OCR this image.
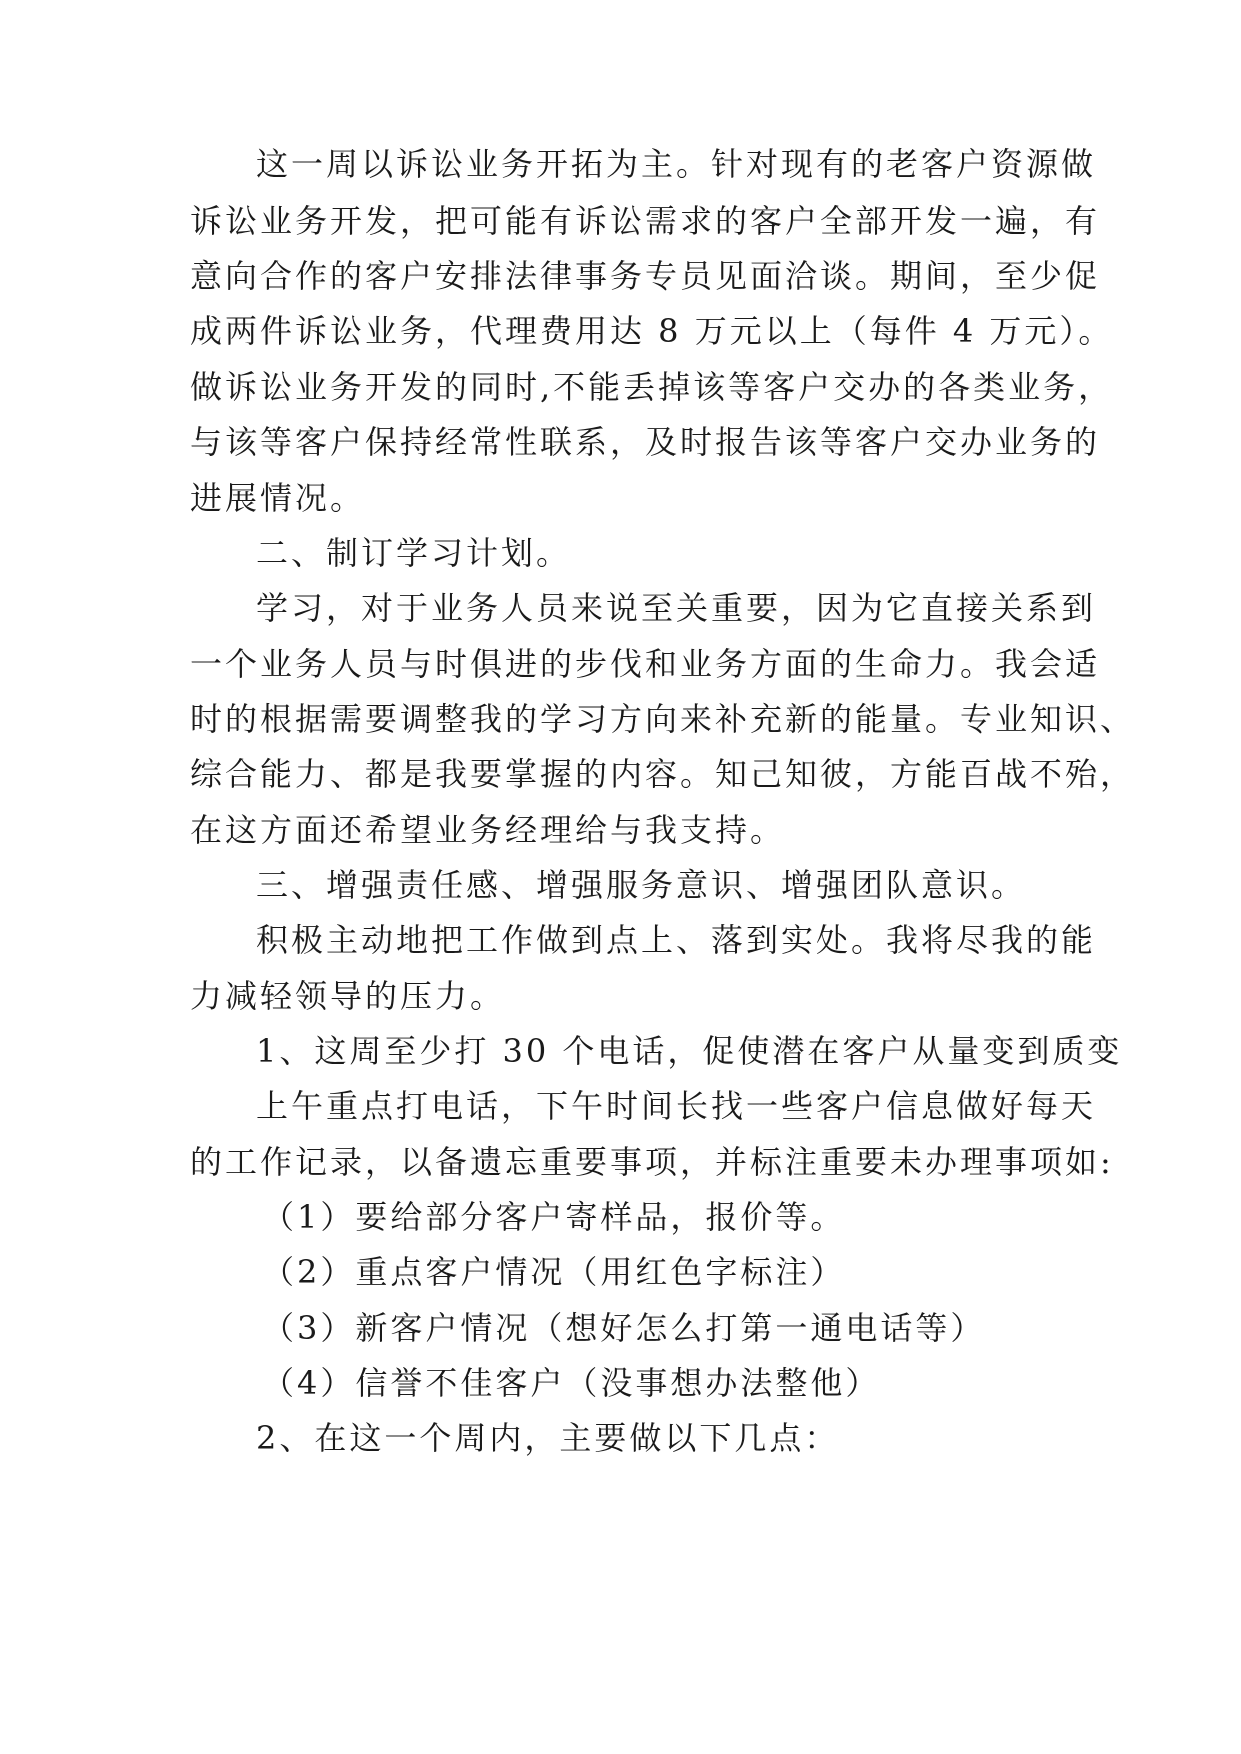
这一周以诉讼业务开拓为主。针对现有的老客户资源做
诉讼业务开发，把可能有诉讼需求的客户全部开发一遍，有
意向合作的客户安排法律事务专员见面洽谈。期间，至少促
成两件诉讼业务，代理费用达 8 万元以上（每件 4 万元）。
做诉讼业务开发的同时,不能丢掉该等客户交办的各类业务，
与该等客户保持经常性联系，及时报告该等客户交办业务的
进展情况。
二、制订学习计划。
学习，对于业务人员来说至关重要，因为它直接关系到
一个业务人员与时俱进的步伐和业务方面的生命力。我会适
时的根据需要调整我的学习方向来补充新的能量。专业知识、
综合能力、都是我要掌握的内容。知己知彼，方能百战不殆，
在这方面还希望业务经理给与我支持。
三、增强责任感、增强服务意识、增强团队意识。
积极主动地把工作做到点上、落到实处。我将尽我的能
力减轻领导的压力。
1、这周至少打 30 个电话，促使潜在客户从量变到质变
上午重点打电话，下午时间长找一些客户信息做好每天
的工作记录，以备遗忘重要事项，并标注重要未办理事项如:
（1）要给部分客户寄样品，报价等。
（2）重点客户情况（用红色字标注）
（3）新客户情况（想好怎么打第一通电话等）
（4）信誉不佳客户（没事想办法整他）
2、在这一个周内，主要做以下几点：
